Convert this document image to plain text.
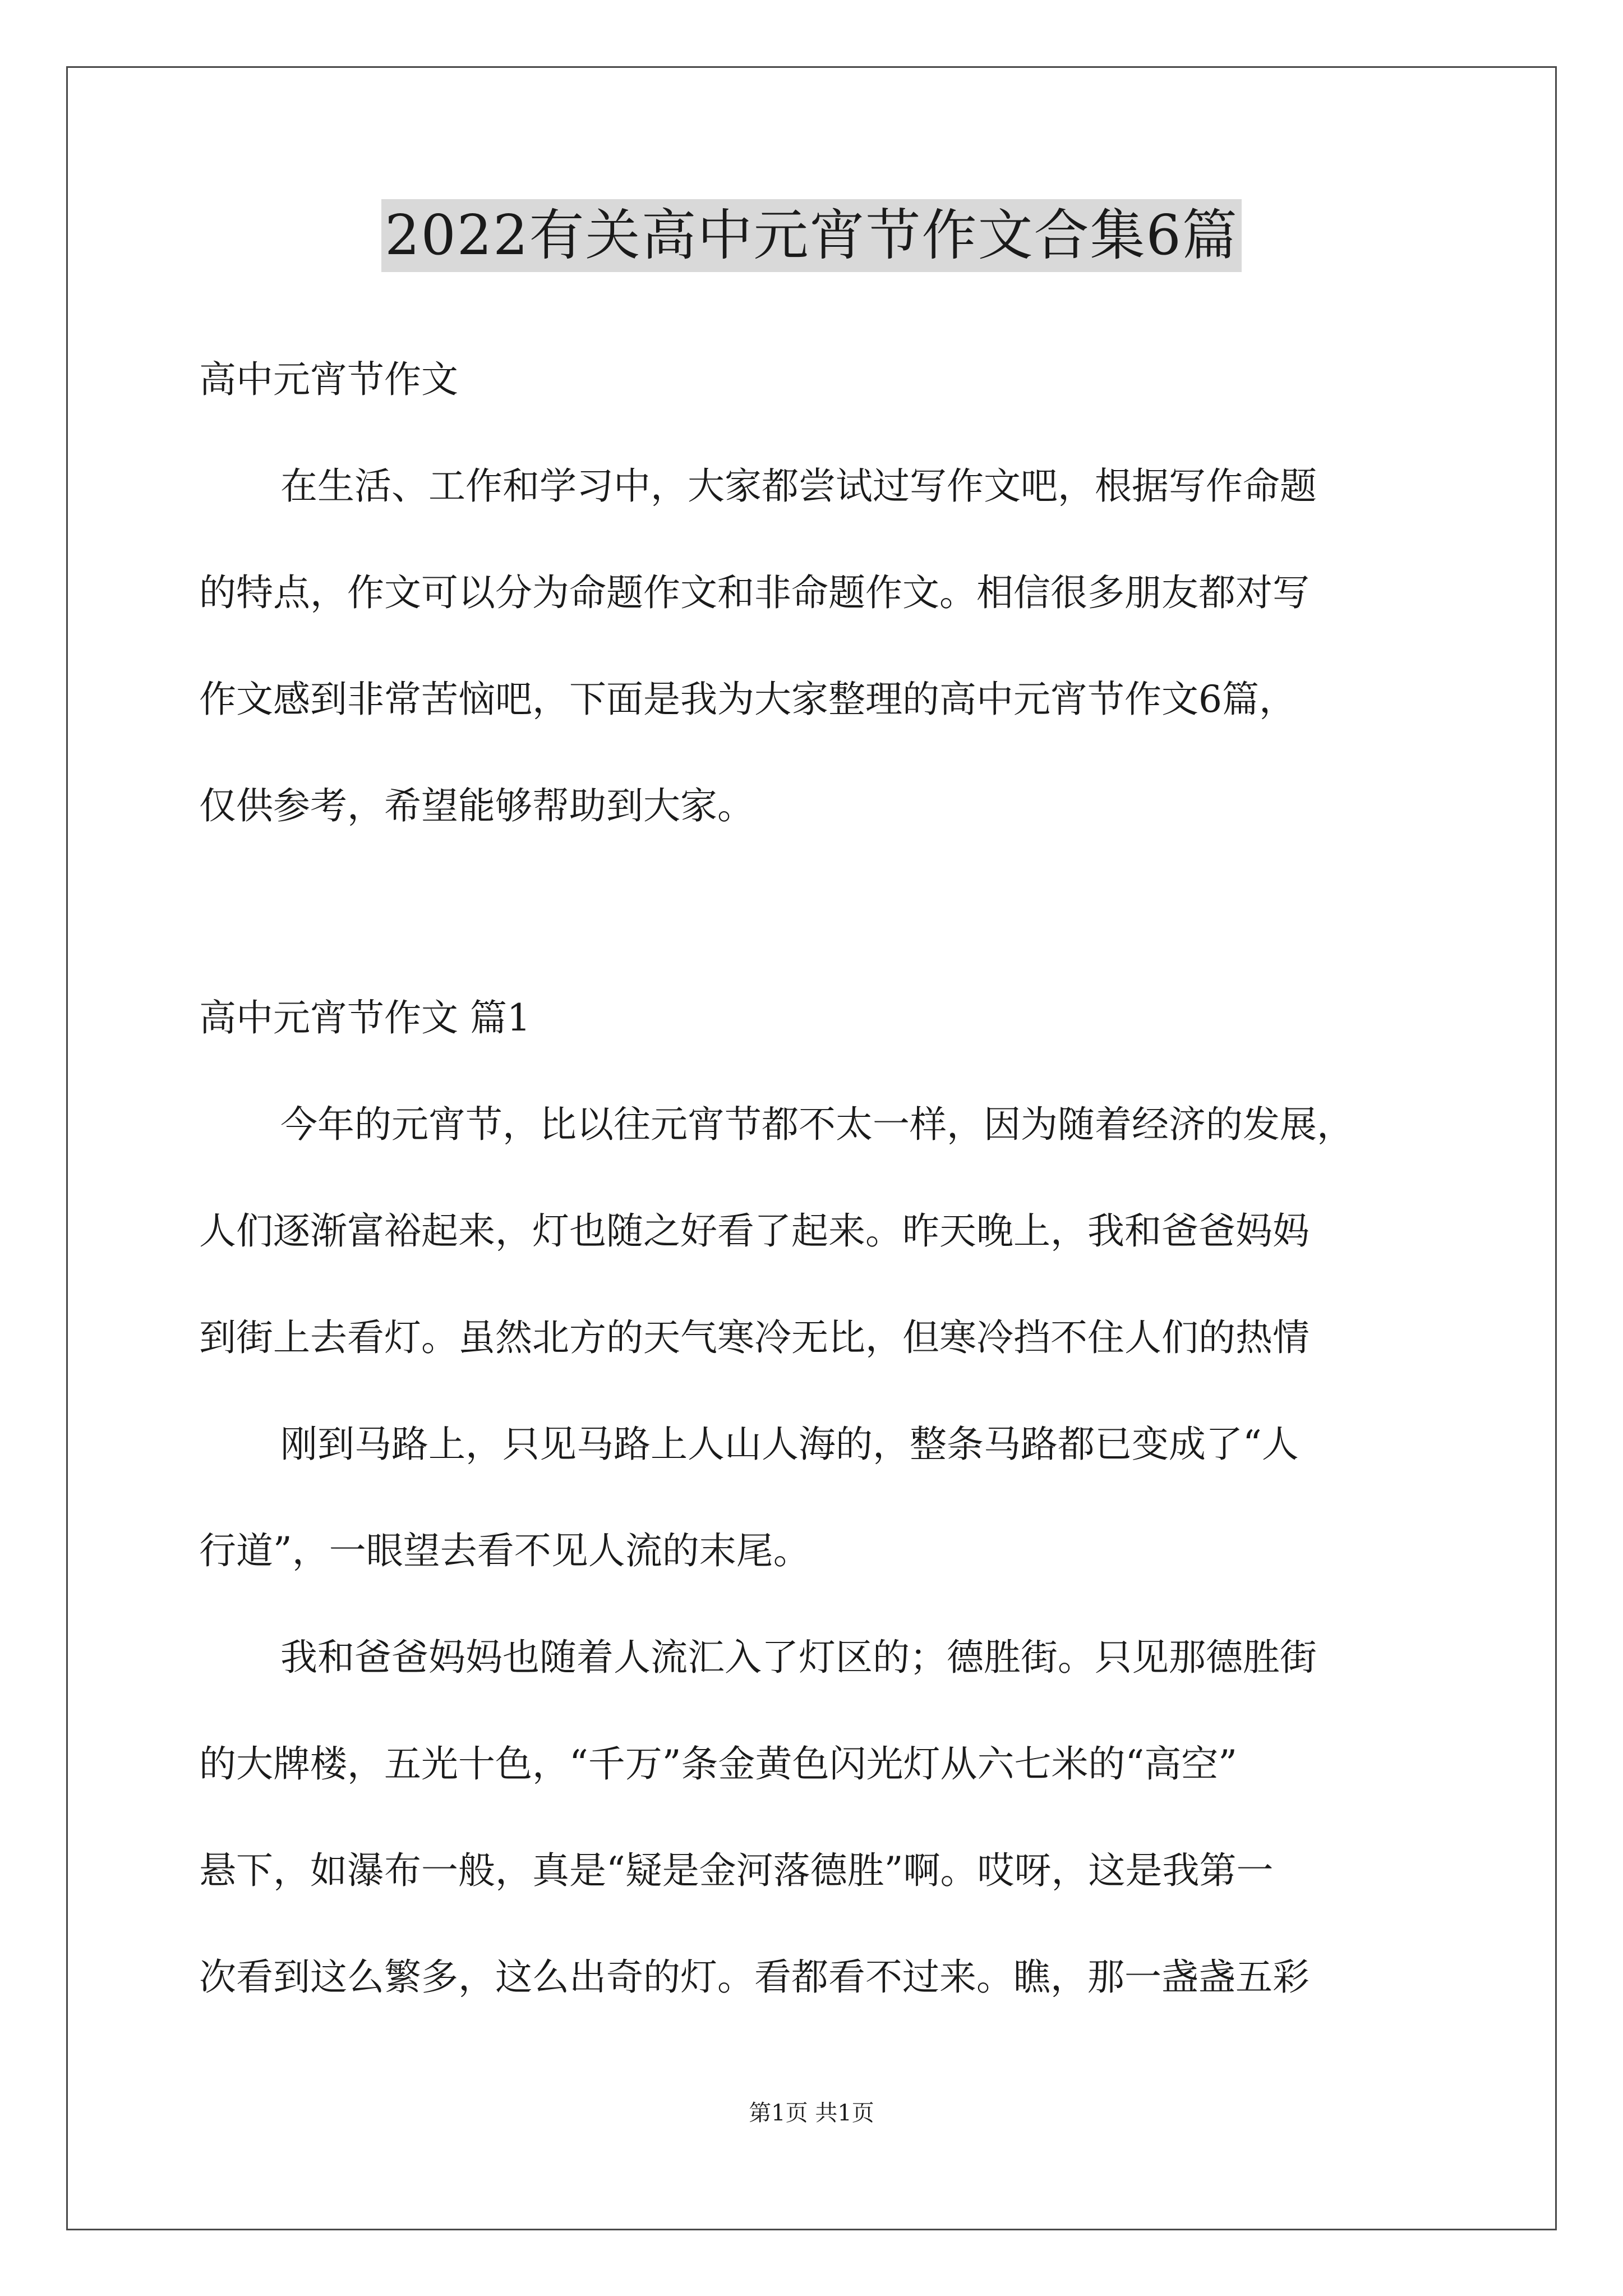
2022有关高中元宵节作文合集6篇
高中元宵节作文
在生活、工作和学习中，大家都尝试过写作文吧，根据写作命题
的特点，作文可以分为命题作文和非命题作文。相信很多朋友都对写
作文感到非常苦恼吧，下面是我为大家整理的高中元宵节作文6篇，
仅供参考，希望能够帮助到大家。
高中元宵节作文 篇1
今年的元宵节，比以往元宵节都不太一样，因为随着经济的发展，
人们逐渐富裕起来，灯也随之好看了起来。昨天晚上，我和爸爸妈妈
到街上去看灯。虽然北方的天气寒冷无比，但寒冷挡不住人们的热情
刚到马路上，只见马路上人山人海的，整条马路都已变成了“人
行道”，一眼望去看不见人流的末尾。
我和爸爸妈妈也随着人流汇入了灯区的；德胜街。只见那德胜街
的大牌楼，五光十色，“千万”条金黄色闪光灯从六七米的“高空”
悬下，如瀑布一般，真是“疑是金河落德胜”啊。哎呀，这是我第一
次看到这么繁多，这么出奇的灯。看都看不过来。瞧，那一盏盏五彩
第1页 共1页
